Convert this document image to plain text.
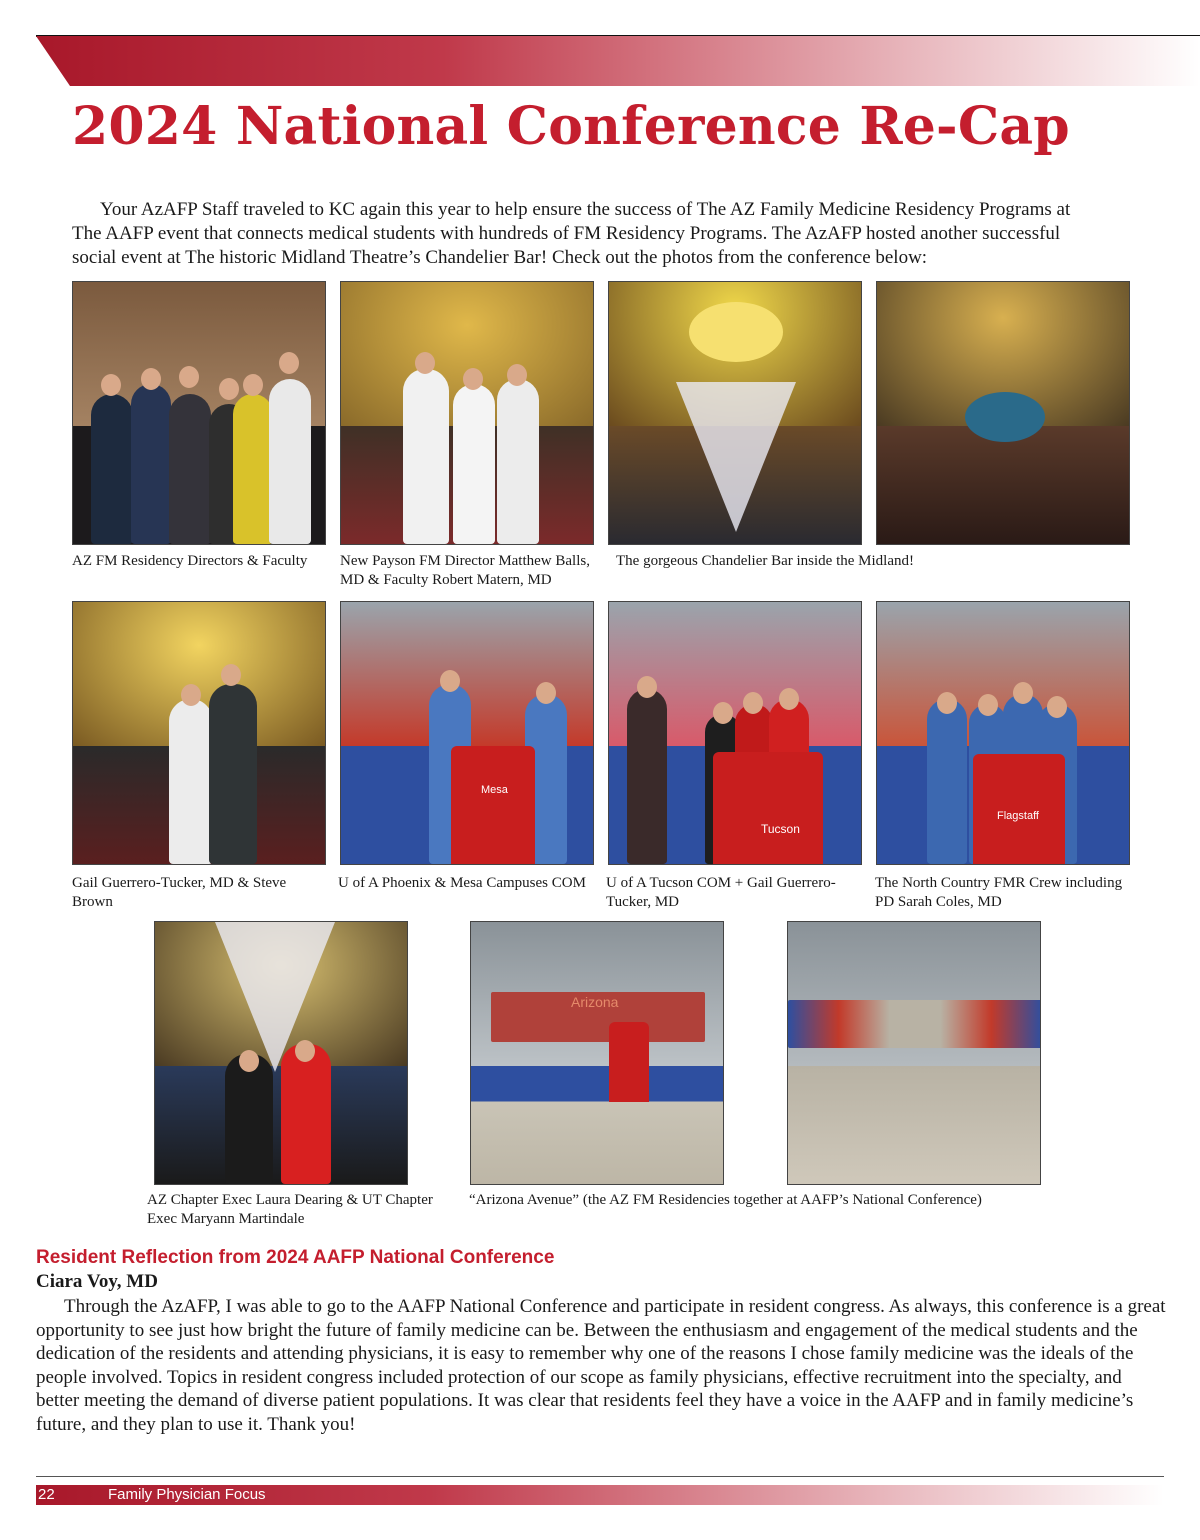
2024 National Conference Re-Cap

Your AzAFP Staff traveled to KC again this year to help ensure the success of The AZ Family Medicine Residency Programs at The AAFP event that connects medical students with hundreds of FM Residency Programs. The AzAFP hosted another successful social event at The historic Midland Theatre’s Chandelier Bar! Check out the photos from the conference below:

AZ FM Residency Directors & Faculty	New Payson FM Director Matthew Balls, MD & Faculty Robert Matern, MD

The gorgeous Chandelier Bar inside the Midland!

Mesa
Tucson
Flagstaff

Gail Guerrero-Tucker, MD & Steve Brown

U of A Phoenix & Mesa Campuses COM	U of A Tucson COM + Gail Guerrero-Tucker, MD

The North Country FMR Crew including PD Sarah Coles, MD

Arizona

AZ Chapter Exec Laura Dearing & UT Chapter Exec Maryann Martindale

“Arizona Avenue” (the AZ FM Residencies together at AAFP’s National Conference)

Resident Reflection from 2024 AAFP National Conference

Ciara Voy, MD

Through the AzAFP, I was able to go to the AAFP National Conference and participate in resident congress. As always, this conference is a great opportunity to see just how bright the future of family medicine can be. Between the enthusiasm and engagement of the medical students and the dedication of the residents and attending physicians, it is easy to remember why one of the reasons I chose family medicine was the ideals of the people involved. Topics in resident congress included protection of our scope as family physicians, effective recruitment into the specialty, and better meeting the demand of diverse patient populations. It was clear that residents feel they have a voice in the AAFP and in family medicine’s future, and they plan to use it. Thank you!

22	Family Physician Focus
